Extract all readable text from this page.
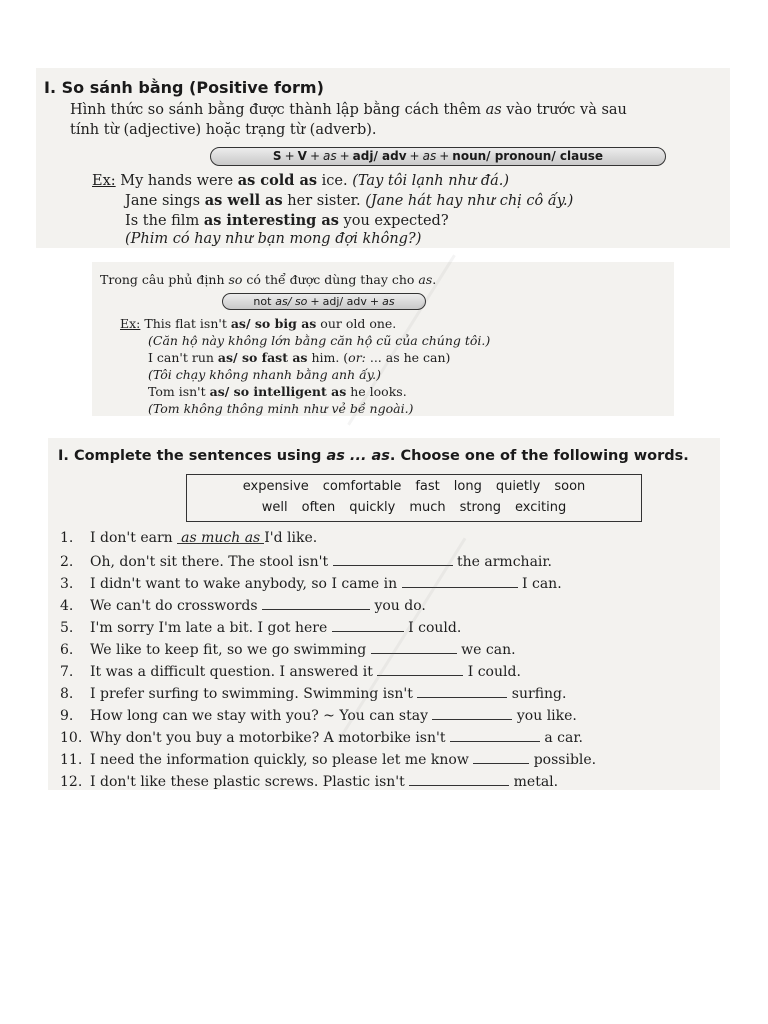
I. So sánh bằng (Positive form)
Hình thức so sánh bằng được thành lập bằng cách thêm as vào trước và sau
tính từ (adjective) hoặc trạng từ (adverb).
S + V + as + adj/ adv + as + noun/ pronoun/ clause
Ex: My hands were as cold as ice. (Tay tôi lạnh như đá.)
Jane sings as well as her sister. (Jane hát hay như chị cô ấy.)
Is the film as interesting as you expected?
(Phim có hay như bạn mong đợi không?)
Trong câu phủ định so có thể được dùng thay cho as.
not as/ so + adj/ adv + as
Ex: This flat isn't as/ so big as our old one.
(Căn hộ này không lớn bằng căn hộ cũ của chúng tôi.)
I can't run as/ so fast as him. (or: ... as he can)
(Tôi chạy không nhanh bằng anh ấy.)
Tom isn't as/ so intelligent as he looks.
(Tom không thông minh như vẻ bề ngoài.)
I. Complete the sentences using as ... as. Choose one of the following words.
expensive comfortable fast long quietly soon
well often quickly much strong exciting
1. I don't earn as much as I'd like.
2. Oh, don't sit there. The stool isn't	the armchair.
3. I didn't want to wake anybody, so I came in	I can.
4. We can't do crosswords	you do.
5. I'm sorry I'm late a bit. I got here	I could.
6. We like to keep fit, so we go swimming	we can.
7. It was a difficult question. I answered it	I could.
8. I prefer surfing to swimming. Swimming isn't	surfing.
9. How long can we stay with you? ~ You can stay	you like.
10. Why don't you buy a motorbike? A motorbike isn't	a car.
11. I need the information quickly, so please let me know	possible.
12. I don't like these plastic screws. Plastic isn't	metal.
